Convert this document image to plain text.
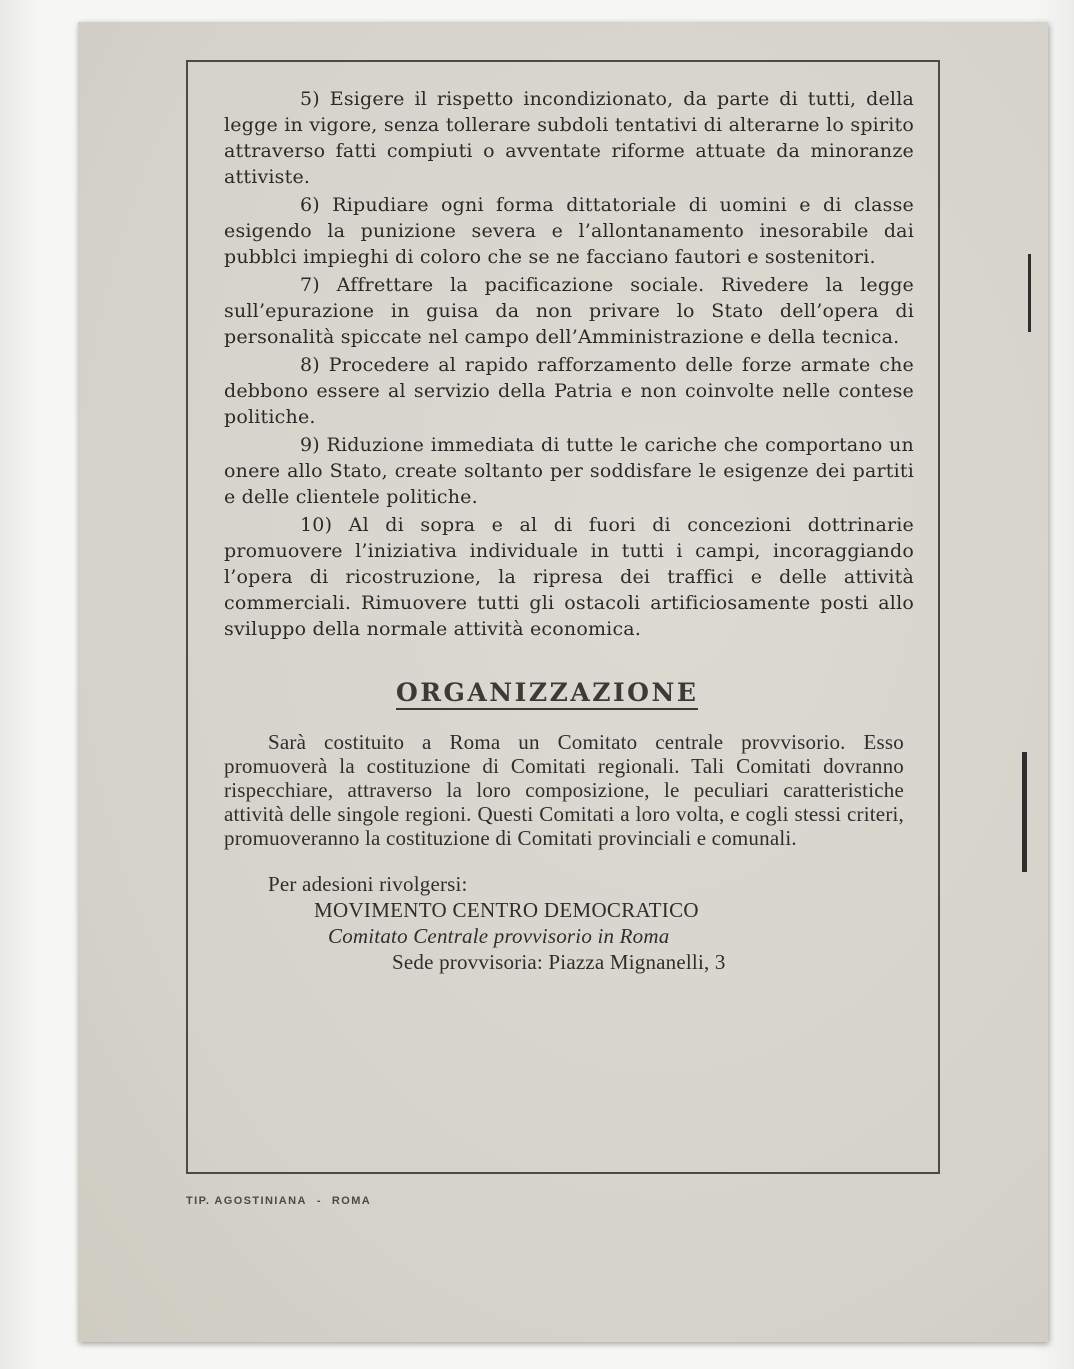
5) Esigere il rispetto incondizionato, da parte di tutti, della legge in vigore, senza tollerare subdoli tentativi di alterarne lo spirito attraverso fatti compiuti o avventate riforme attuate da minoranze attiviste.

6) Ripudiare ogni forma dittatoriale di uomini e di classe esigendo la punizione severa e l’allontanamento inesorabile dai pubblci impieghi di coloro che se ne facciano fautori e sostenitori.

7) Affrettare la pacificazione sociale. Rivedere la legge sull’epurazione in guisa da non privare lo Stato dell’opera di personalità spiccate nel campo dell’Amministrazione e della tecnica.

8) Procedere al rapido rafforzamento delle forze armate che debbono essere al servizio della Patria e non coinvolte nelle contese politiche.

9) Riduzione immediata di tutte le cariche che comportano un onere allo Stato, create soltanto per soddisfare le esigenze dei partiti e delle clientele politiche.

10) Al di sopra e al di fuori di concezioni dottrinarie promuovere l’iniziativa individuale in tutti i campi, incoraggiando l’opera di ricostruzione, la ripresa dei traffici e delle attività commerciali. Rimuovere tutti gli ostacoli artificiosamente posti allo sviluppo della normale attività economica.

ORGANIZZAZIONE

Sarà costituito a Roma un Comitato centrale provvisorio. Esso promuoverà la costituzione di Comitati regionali. Tali Comitati dovranno rispecchiare, attraverso la loro composizione, le peculiari caratteristiche attività delle singole regioni. Questi Comitati a loro volta, e cogli stessi criteri, promuoveranno la costituzione di Comitati provinciali e comunali.

Per adesioni rivolgersi:
MOVIMENTO CENTRO DEMOCRATICO
Comitato Centrale provvisorio in Roma
Sede provvisoria: Piazza Mignanelli, 3
TIP. AGOSTINIANA - ROMA
